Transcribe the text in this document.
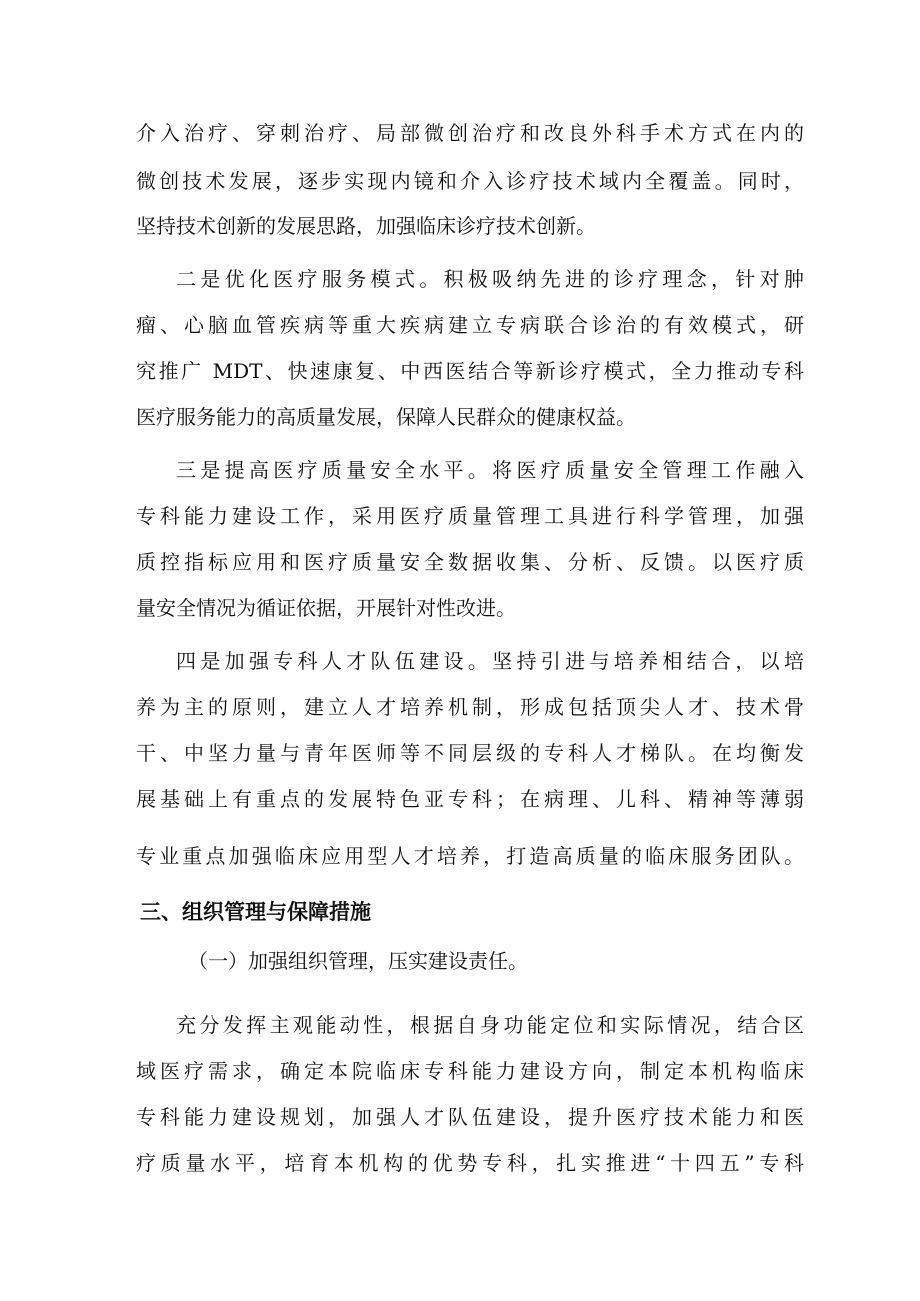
介入治疗、穿刺治疗、局部微创治疗和改良外科手术方式在内的
微创技术发展，逐步实现内镜和介入诊疗技术域内全覆盖。同时，
坚持技术创新的发展思路，加强临床诊疗技术创新。
二是优化医疗服务模式。积极吸纳先进的诊疗理念，针对肿
瘤、心脑血管疾病等重大疾病建立专病联合诊治的有效模式，研
究推广 MDT、快速康复、中西医结合等新诊疗模式，全力推动专科
医疗服务能力的高质量发展，保障人民群众的健康权益。
三是提高医疗质量安全水平。将医疗质量安全管理工作融入
专科能力建设工作，采用医疗质量管理工具进行科学管理，加强
质控指标应用和医疗质量安全数据收集、分析、反馈。以医疗质
量安全情况为循证依据，开展针对性改进。
四是加强专科人才队伍建设。坚持引进与培养相结合，以培
养为主的原则，建立人才培养机制，形成包括顶尖人才、技术骨
干、中坚力量与青年医师等不同层级的专科人才梯队。在均衡发
展基础上有重点的发展特色亚专科；在病理、儿科、精神等薄弱
专业重点加强临床应用型人才培养，打造高质量的临床服务团队。
三、组织管理与保障措施
（一）加强组织管理，压实建设责任。
充分发挥主观能动性，根据自身功能定位和实际情况，结合区
域医疗需求，确定本院临床专科能力建设方向，制定本机构临床
专科能力建设规划，加强人才队伍建设，提升医疗技术能力和医
疗质量水平，培育本机构的优势专科，扎实推进“十四五”专科
